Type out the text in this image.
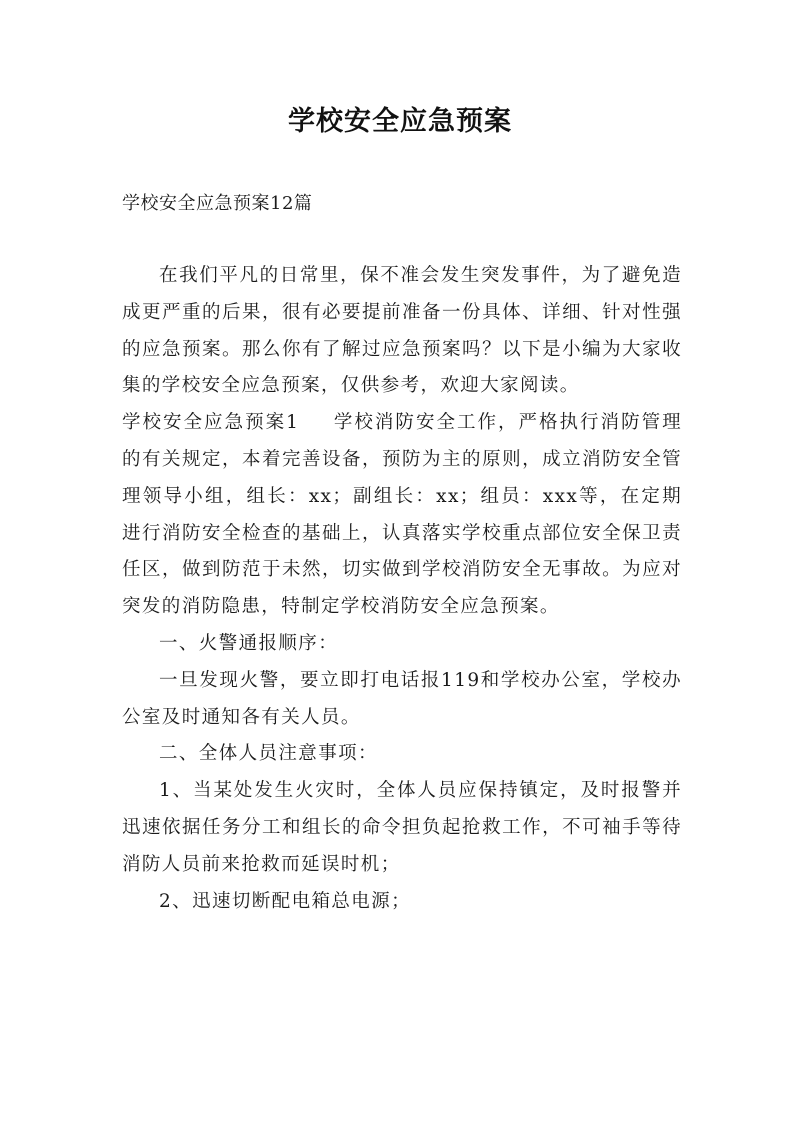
学校安全应急预案

学校安全应急预案12篇

在我们平凡的日常里，保不准会发生突发事件，为了避免造成更严重的后果，很有必要提前准备一份具体、详细、针对性强的应急预案。那么你有了解过应急预案吗？以下是小编为大家收集的学校安全应急预案，仅供参考，欢迎大家阅读。

学校安全应急预案1 学校消防安全工作，严格执行消防管理的有关规定，本着完善设备，预防为主的原则，成立消防安全管理领导小组，组长：xx；副组长：xx；组员：xxx等，在定期进行消防安全检查的基础上，认真落实学校重点部位安全保卫责任区，做到防范于未然，切实做到学校消防安全无事故。为应对突发的消防隐患，特制定学校消防安全应急预案。

一、火警通报顺序：

一旦发现火警，要立即打电话报119和学校办公室，学校办公室及时通知各有关人员。

二、全体人员注意事项：

1、当某处发生火灾时，全体人员应保持镇定，及时报警并迅速依据任务分工和组长的命令担负起抢救工作，不可袖手等待消防人员前来抢救而延误时机；

2、迅速切断配电箱总电源；
